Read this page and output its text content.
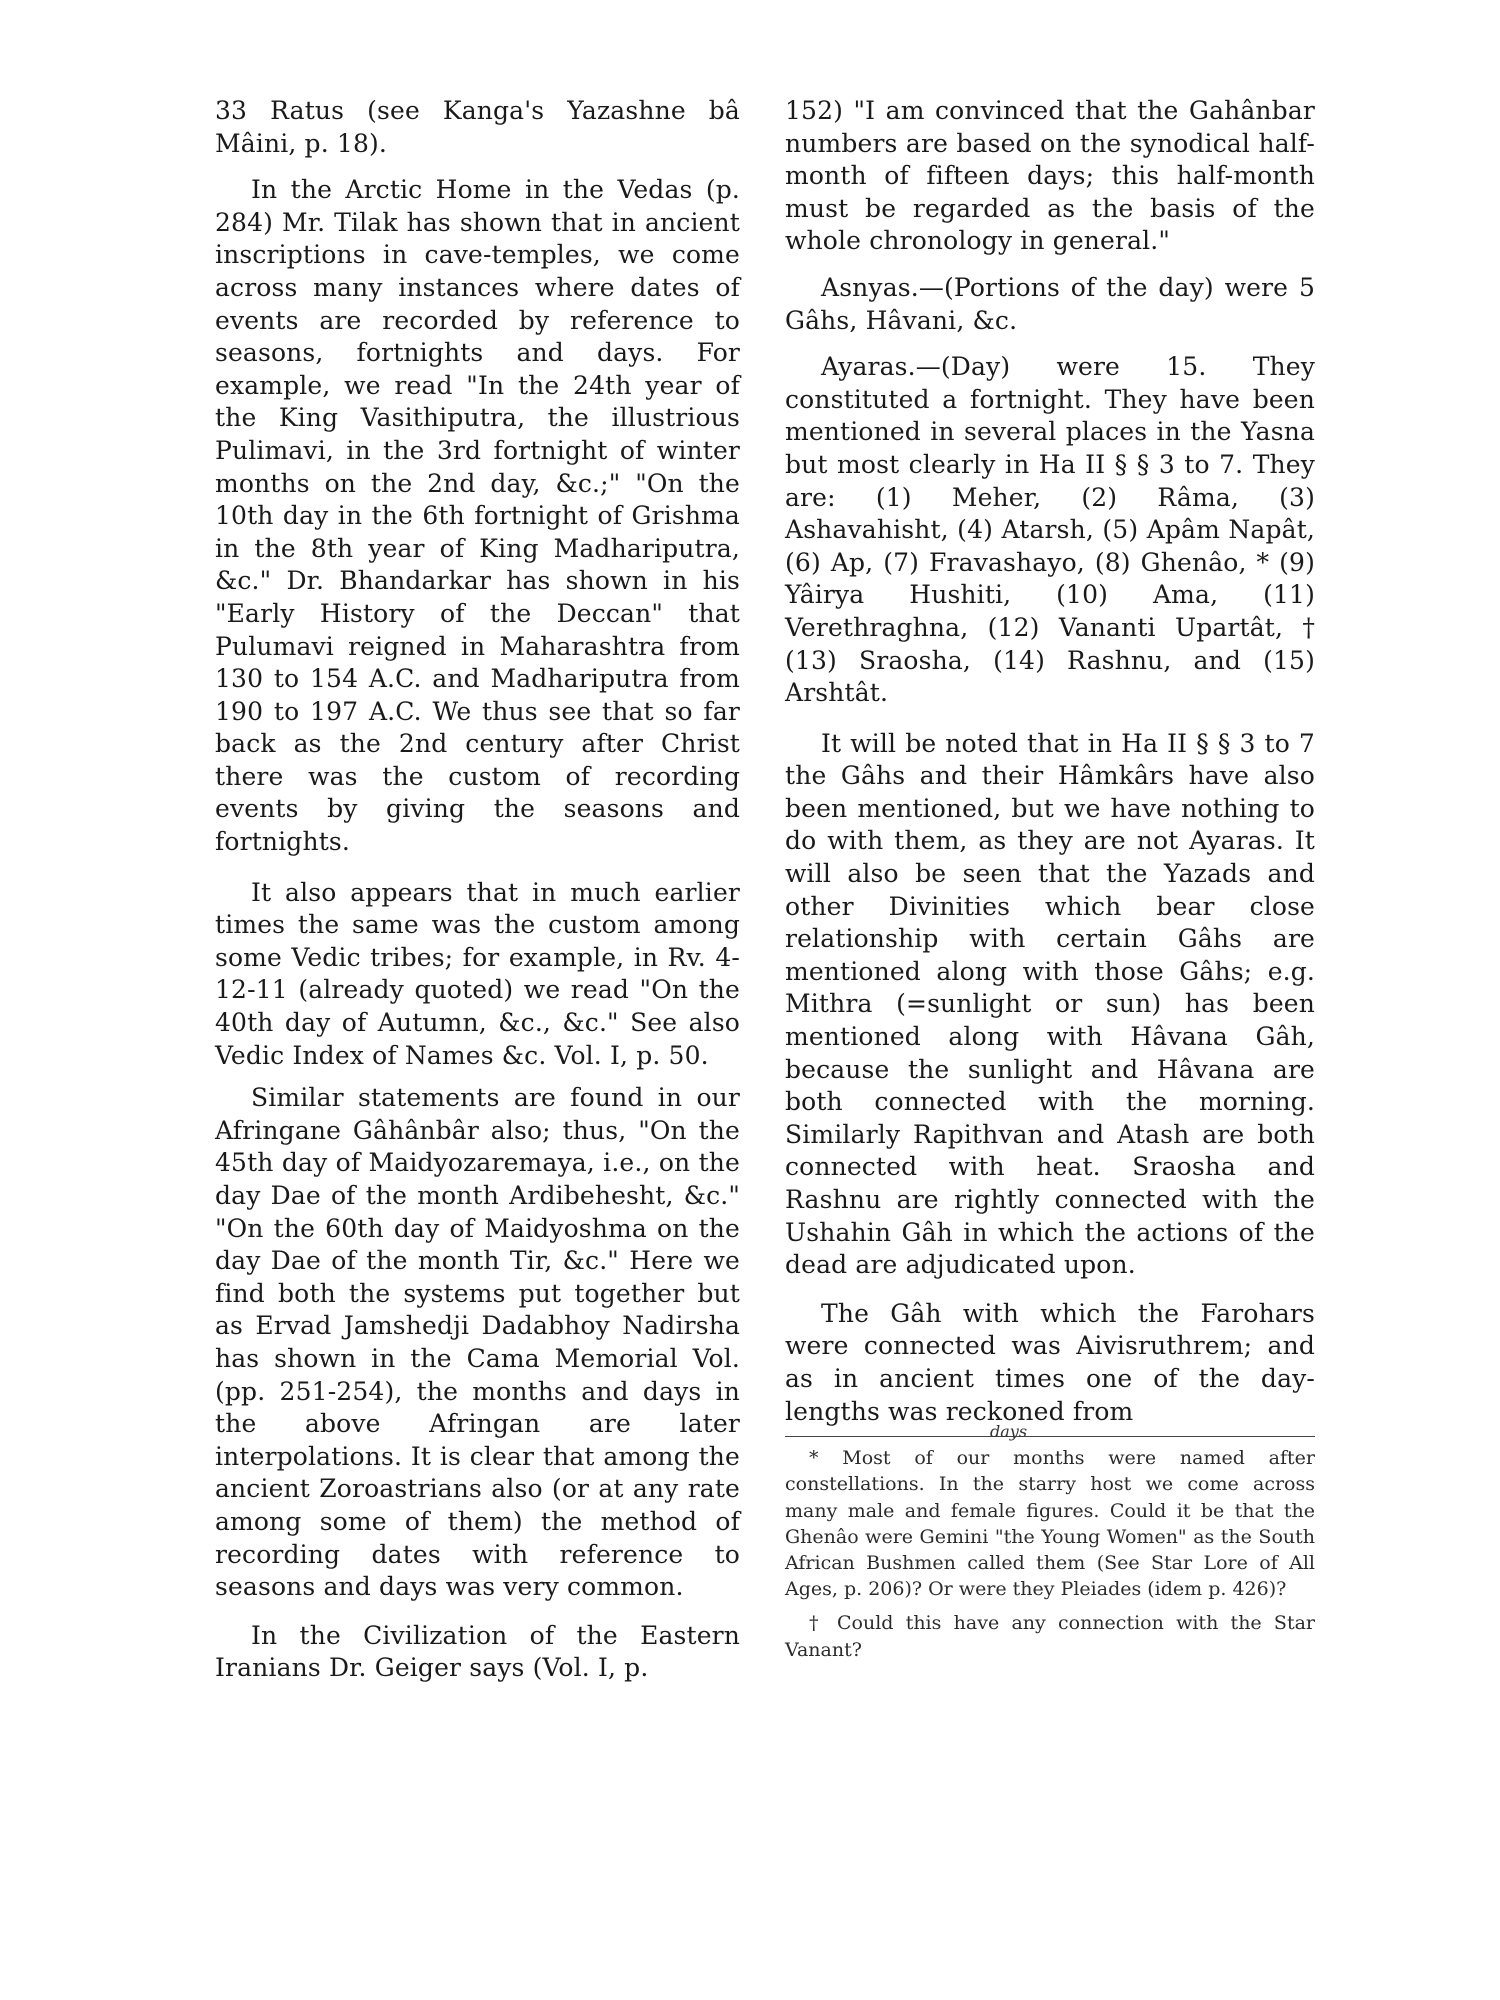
33 Ratus (see Kanga's Yazashne bâ Mâini, p. 18).

In the Arctic Home in the Vedas (p. 284) Mr. Tilak has shown that in ancient inscriptions in cave-temples, we come across many instances where dates of events are recorded by reference to seasons, fortnights and days. For example, we read "In the 24th year of the King Vasithiputra, the illustrious Pulimavi, in the 3rd fortnight of winter months on the 2nd day, &c.;" "On the 10th day in the 6th fortnight of Grishma in the 8th year of King Madhariputra, &c." Dr. Bhandarkar has shown in his "Early History of the Deccan" that Pulumavi reigned in Maharashtra from 130 to 154 A.C. and Madhariputra from 190 to 197 A.C. We thus see that so far back as the 2nd century after Christ there was the custom of recording events by giving the seasons and fortnights.

It also appears that in much earlier times the same was the custom among some Vedic tribes; for example, in Rv. 4-12-11 (already quoted) we read "On the 40th day of Autumn, &c., &c." See also Vedic Index of Names &c. Vol. I, p. 50.

Similar statements are found in our Afringane Gâhânbâr also; thus, "On the 45th day of Maidyozaremaya, i.e., on the day Dae of the month Ardibehesht, &c." "On the 60th day of Maidyoshma on the day Dae of the month Tir, &c." Here we find both the systems put together but as Ervad Jamshedji Dadabhoy Nadirsha has shown in the Cama Memorial Vol. (pp. 251-254), the months and days in the above Afringan are later interpolations. It is clear that among the ancient Zoroastrians also (or at any rate among some of them) the method of recording dates with reference to seasons and days was very common.

In the Civilization of the Eastern Iranians Dr. Geiger says (Vol. I, p.

152) "I am convinced that the Gahânbar numbers are based on the synodical half-month of fifteen days; this half-month must be regarded as the basis of the whole chronology in general."

Asnyas.—(Portions of the day) were 5 Gâhs, Hâvani, &c.

Ayaras.—(Day) were 15. They constituted a fortnight. They have been mentioned in several places in the Yasna but most clearly in Ha II § § 3 to 7. They are: (1) Meher, (2) Râma, (3) Ashavahisht, (4) Atarsh, (5) Apâm Napât, (6) Ap, (7) Fravashayo, (8) Ghenâo, * (9) Yâirya Hushiti, (10) Ama, (11) Verethraghna, (12) Vananti Upartât, † (13) Sraosha, (14) Rashnu, and (15) Arshtât.

It will be noted that in Ha II § § 3 to 7 the Gâhs and their Hâmkârs have also been mentioned, but we have nothing to do with them, as they are not Ayaras. It will also be seen that the Yazads and other Divinities which bear close relationship with certain Gâhs are mentioned along with those Gâhs; e.g. Mithra (=sunlight or sun) has been mentioned along with Hâvana Gâh, because the sunlight and Hâvana are both connected with the morning. Similarly Rapithvan and Atash are both connected with heat. Sraosha and Rashnu are rightly connected with the Ushahin Gâh in which the actions of the dead are adjudicated upon.

The Gâh with which the Farohars were connected was Aivisruthrem; and as in ancient times one of the day-lengths was reckoned from

days

* Most of our months were named after constellations. In the starry host we come across many male and female figures. Could it be that the Ghenâo were Gemini "the Young Women" as the South African Bushmen called them (See Star Lore of All Ages, p. 206)? Or were they Pleiades (idem p. 426)?

† Could this have any connection with the Star Vanant?
